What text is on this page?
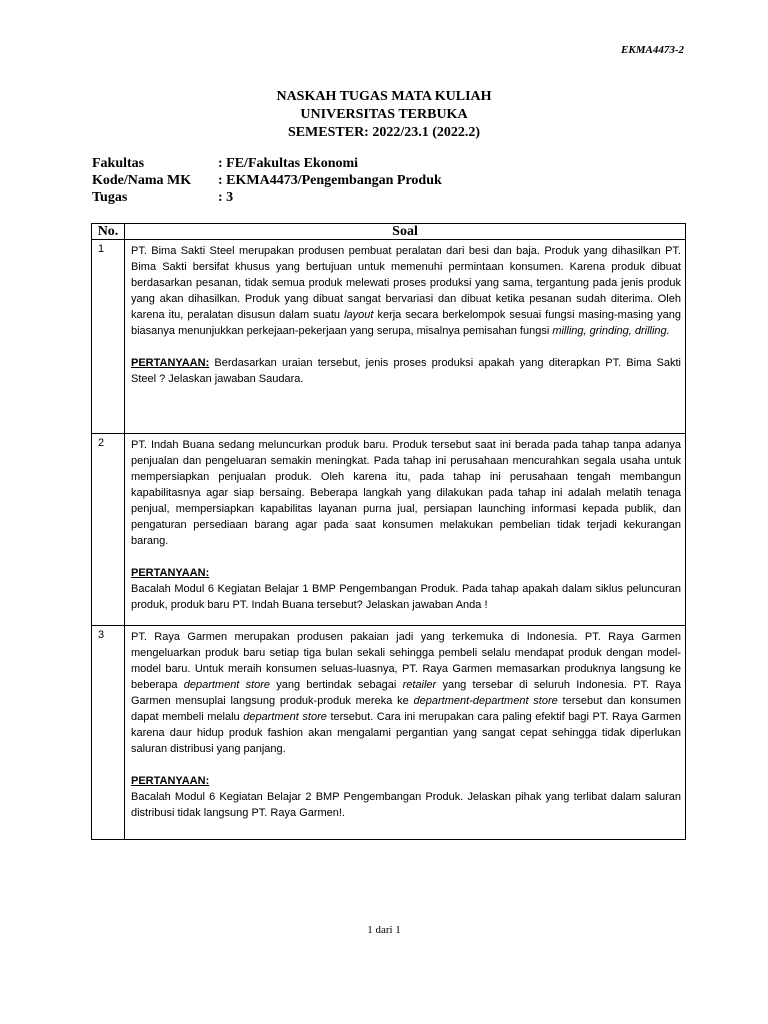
EKMA4473-2
NASKAH TUGAS MATA KULIAH
UNIVERSITAS TERBUKA
SEMESTER: 2022/23.1 (2022.2)
Fakultas	: FE/Fakultas Ekonomi
Kode/Nama MK	: EKMA4473/Pengembangan Produk
Tugas	: 3
No.	Soal
1	PT. Bima Sakti Steel merupakan produsen pembuat peralatan dari besi dan baja. Produk yang dihasilkan PT. Bima Sakti bersifat khusus yang bertujuan untuk memenuhi permintaan konsumen. Karena produk dibuat berdasarkan pesanan, tidak semua produk melewati proses produksi yang sama, tergantung pada jenis produk yang akan dihasilkan. Produk yang dibuat sangat bervariasi dan dibuat ketika pesanan sudah diterima. Oleh karena itu, peralatan disusun dalam suatu layout kerja secara berkelompok sesuai fungsi masing-masing yang biasanya menunjukkan perkejaan-pekerjaan yang serupa, misalnya pemisahan fungsi milling, grinding, drilling.

PERTANYAAN: Berdasarkan uraian tersebut, jenis proses produksi apakah yang diterapkan PT. Bima Sakti Steel ? Jelaskan jawaban Saudara.

2	PT. Indah Buana sedang meluncurkan produk baru. Produk tersebut saat ini berada pada tahap tanpa adanya penjualan dan pengeluaran semakin meningkat. Pada tahap ini perusahaan mencurahkan segala usaha untuk mempersiapkan penjualan produk. Oleh karena itu, pada tahap ini perusahaan tengah membangun kapabilitasnya agar siap bersaing. Beberapa langkah yang dilakukan pada tahap ini adalah melatih tenaga penjual, mempersiapkan kapabilitas layanan purna jual, persiapan launching informasi kepada publik, dan pengaturan persediaan barang agar pada saat konsumen melakukan pembelian tidak terjadi kekurangan barang.

PERTANYAAN:
Bacalah Modul 6 Kegiatan Belajar 1 BMP Pengembangan Produk. Pada tahap apakah dalam siklus peluncuran produk, produk baru PT. Indah Buana tersebut? Jelaskan jawaban Anda !

3	PT. Raya Garmen merupakan produsen pakaian jadi yang terkemuka di Indonesia. PT. Raya Garmen mengeluarkan produk baru setiap tiga bulan sekali sehingga pembeli selalu mendapat produk dengan model-model baru. Untuk meraih konsumen seluas-luasnya, PT. Raya Garmen memasarkan produknya langsung ke beberapa department store yang bertindak sebagai retailer yang tersebar di seluruh Indonesia. PT. Raya Garmen mensuplai langsung produk-produk mereka ke department-department store tersebut dan konsumen dapat membeli melalu department store tersebut. Cara ini merupakan cara paling efektif bagi PT. Raya Garmen karena daur hidup produk fashion akan mengalami pergantian yang sangat cepat sehingga tidak diperlukan saluran distribusi yang panjang.

PERTANYAAN:
Bacalah Modul 6 Kegiatan Belajar 2 BMP Pengembangan Produk. Jelaskan pihak yang terlibat dalam saluran distribusi tidak langsung PT. Raya Garmen!.

1 dari 1
